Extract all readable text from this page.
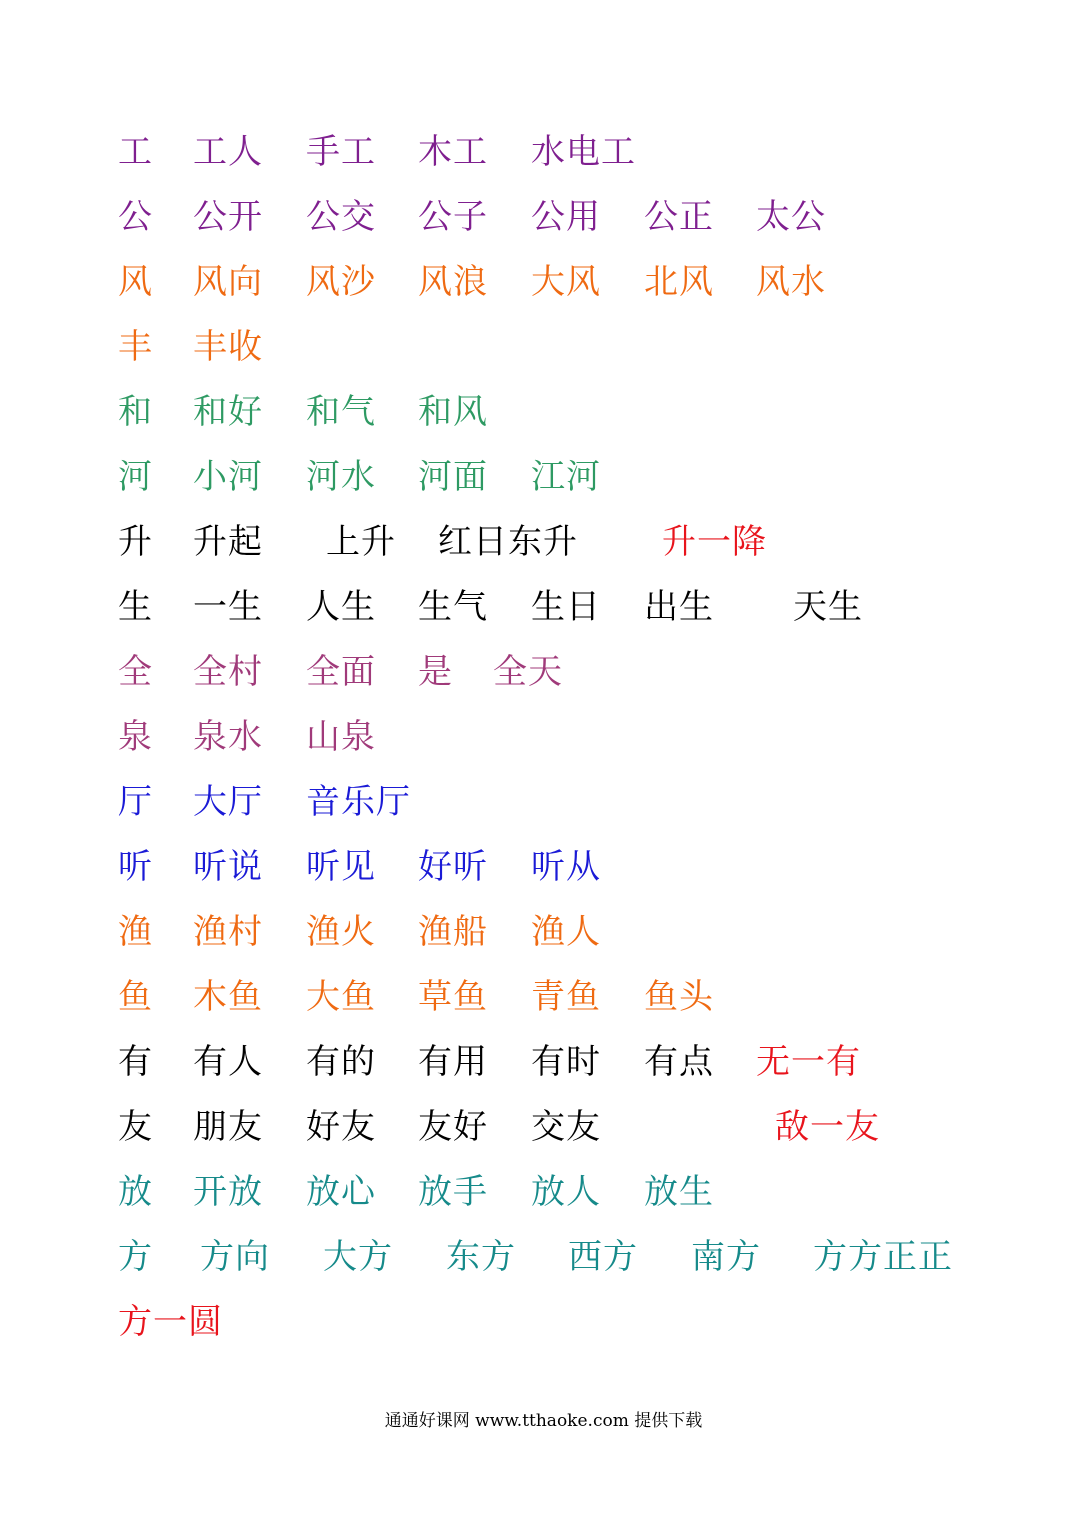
工 工人 手工 木工 水电工
公 公开 公交 公子 公用 公正 太公
风 风向 风沙 风浪 大风 北风 风水
丰 丰收
和 和好 和气 和风
河 小河 河水 河面 江河
升 升起 上升 红日东升 升一降
生 一生 人生 生气 生日 出生 天生
全 全村 全面 是 全天
泉 泉水 山泉
厅 大厅 音乐厅
听 听说 听见 好听 听从
渔 渔村 渔火 渔船 渔人
鱼 木鱼 大鱼 草鱼 青鱼 鱼头
有 有人 有的 有用 有时 有点 无一有
友 朋友 好友 友好 交友	敌一友
放 开放 放心 放手 放人 放生
方 方向 大方 东方 西方 南方 方方正正
方一圆
通通好课网 www.tthaoke.com 提供下载
